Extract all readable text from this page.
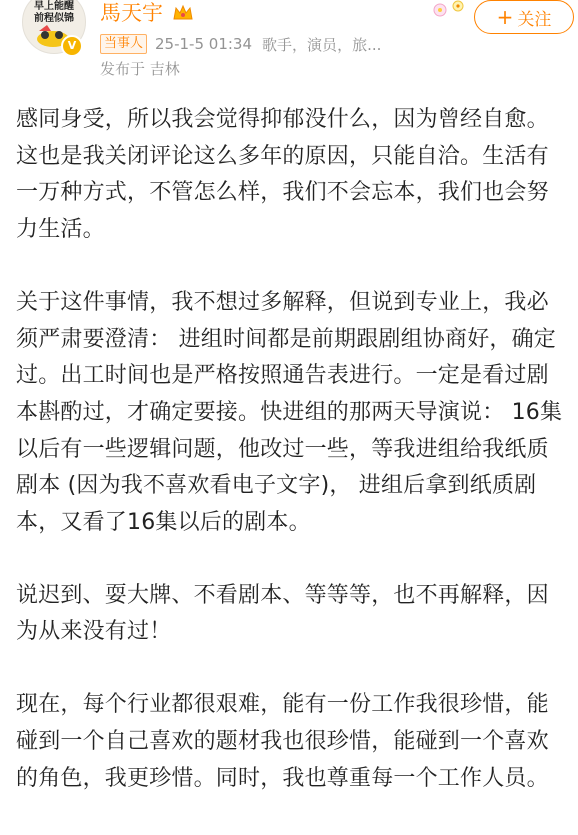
早上能醒
前程似锦
V
馬天宇
当事人 25-1-5 01:34 歌手 ， 演员 ， 旅...
发布于 吉林
+ 关注

感同身受，所以我会觉得抑郁没什么，因为曾经自愈。这也是我关闭评论这么多年的原因，只能自洽。生活有一万种方式，不管怎么样，我们不会忘本，我们也会努力生活。

关于这件事情，我不想过多解释，但说到专业上，我必须严肃要澄清： 进组时间都是前期跟剧组协商好，确定过。出工时间也是严格按照通告表进行。一定是看过剧本斟酌过，才确定要接。快进组的那两天导演说： 16集以后有一些逻辑问题，他改过一些，等我进组给我纸质剧本 (因为我不喜欢看电子文字)， 进组后拿到纸质剧本，又看了16集以后的剧本。

说迟到、耍大牌、不看剧本、等等等，也不再解释，因为从来没有过！

现在，每个行业都很艰难，能有一份工作我很珍惜，能碰到一个自己喜欢的题材我也很珍惜，能碰到一个喜欢的角色，我更珍惜。同时，我也尊重每一个工作人员。
